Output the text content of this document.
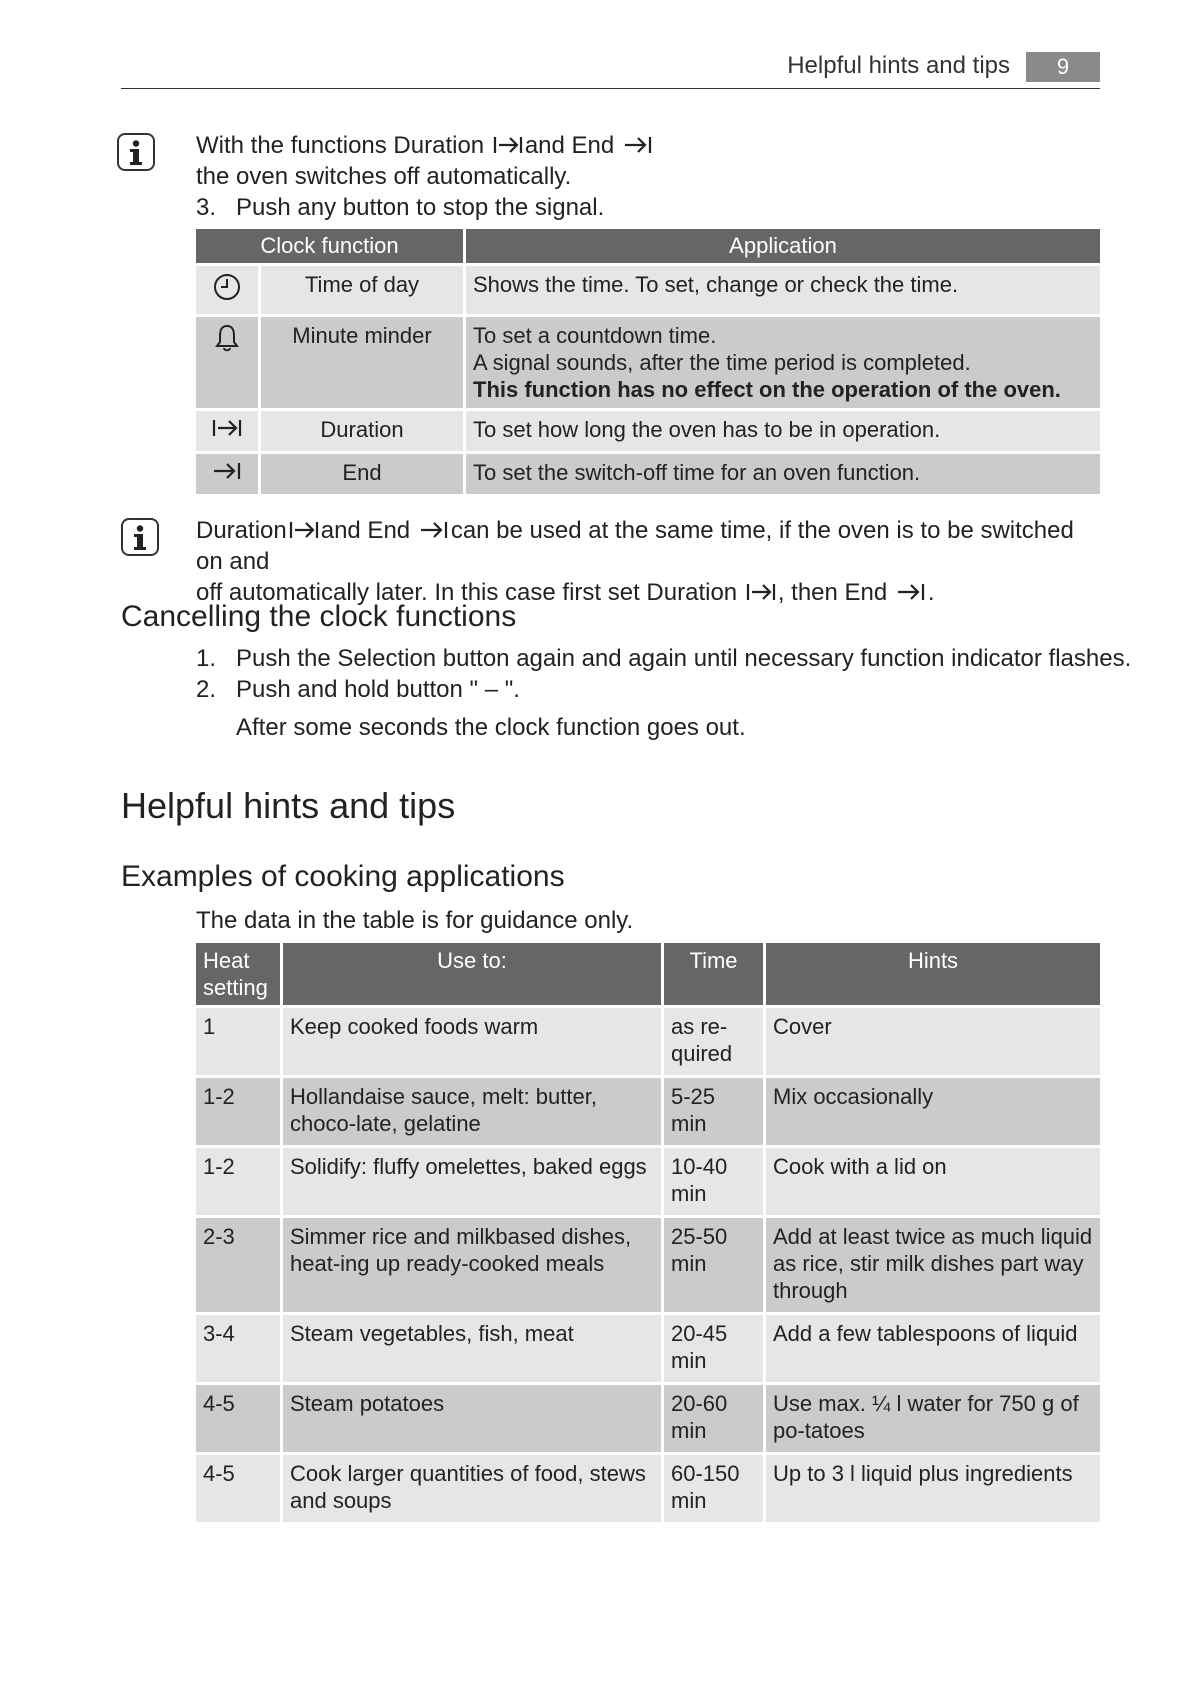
Helpful hints and tips	9
With the functions Duration and End
the oven switches off automatically.
3.   Push any button to stop the signal.
Clock function		Application
	Time of day	Shows the time. To set, change or check the time.
	Minute minder	To set a countdown time.
A signal sounds, after the time period is completed.
This function has no effect on the operation of the oven.

	Duration	To set how long the oven has to be in operation.
	End	To set the switch-off time for an oven function.
Duration and End can be used at the same time, if the oven is to be switched on and
off automatically later. In this case first set Duration , then End .
Cancelling the clock functions
1. Push the Selection button again and again until necessary function indicator flashes.
2. Push and hold button " – ".
After some seconds the clock function goes out.
Helpful hints and tips
Examples of cooking applications
The data in the table is for guidance only.
Heat setting	Use to:	Time	Hints
1	Keep cooked foods warm	as re-quired	Cover
1-2	Hollandaise sauce, melt: butter, choco-late, gelatine	5-25 min	Mix occasionally
1-2	Solidify: fluffy omelettes, baked eggs	10-40 min	Cook with a lid on
2-3	Simmer rice and milkbased dishes, heat-ing up ready-cooked meals	25-50 min	Add at least twice as much liquid as rice, stir milk dishes part way through
3-4	Steam vegetables, fish, meat	20-45 min	Add a few tablespoons of liquid
4-5	Steam potatoes	20-60 min	Use max. ¼ l water for 750 g of po-tatoes
4-5	Cook larger quantities of food, stews and soups	60-150 min	Up to 3 l liquid plus ingredients
